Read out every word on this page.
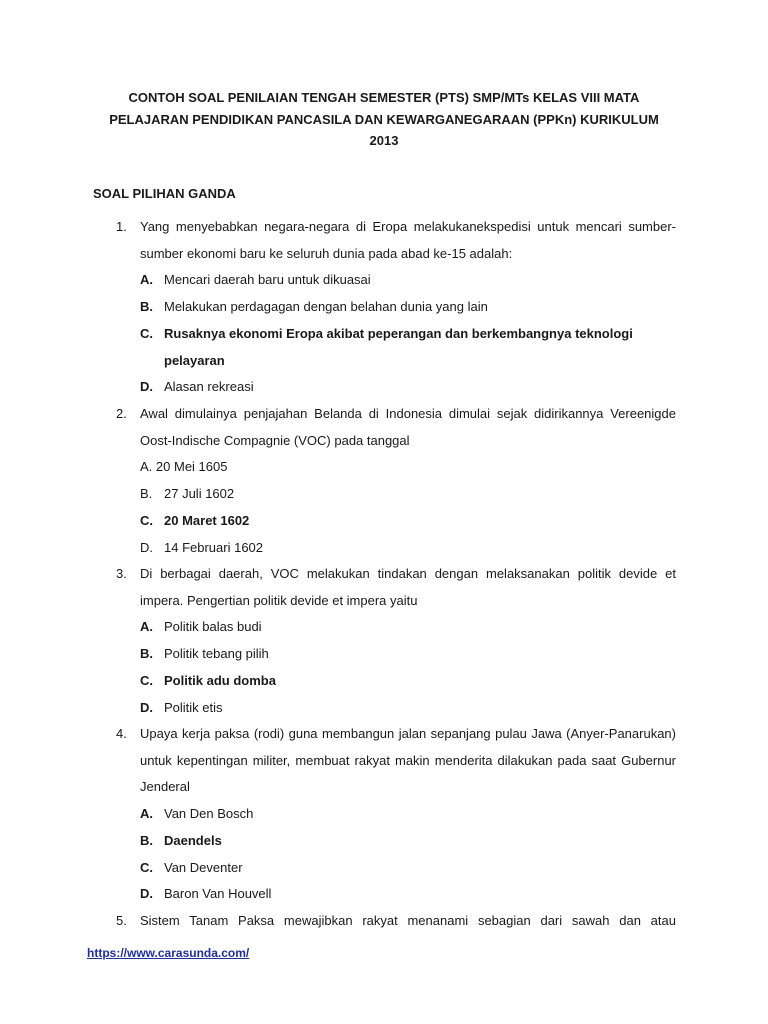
CONTOH SOAL PENILAIAN TENGAH SEMESTER (PTS) SMP/MTs KELAS VIII MATA
PELAJARAN PENDIDIKAN PANCASILA DAN KEWARGANEGARAAN (PPKn) KURIKULUM
2013
SOAL PILIHAN GANDA
1.	Yang menyebabkan negara-negara di Eropa melakukanekspedisi untuk mencari sumber-sumber ekonomi baru ke seluruh dunia pada abad ke-15 adalah:
A. Mencari daerah baru untuk dikuasai
B. Melakukan perdagagan dengan belahan dunia yang lain
C. Rusaknya ekonomi Eropa akibat peperangan dan berkembangnya teknologi pelayaran
D. Alasan rekreasi
2.	Awal dimulainya penjajahan Belanda di Indonesia dimulai sejak didirikannya Vereenigde Oost-Indische Compagnie (VOC) pada tanggal
A. 20 Mei 1605
B. 27 Juli 1602
C. 20 Maret 1602
D. 14 Februari 1602
3.	Di berbagai daerah, VOC melakukan tindakan dengan melaksanakan politik devide et impera. Pengertian politik devide et impera yaitu
A. Politik balas budi
B. Politik tebang pilih
C. Politik adu domba
D. Politik etis
4.	Upaya kerja paksa (rodi) guna membangun jalan sepanjang pulau Jawa (Anyer-Panarukan) untuk kepentingan militer, membuat rakyat makin menderita dilakukan pada saat Gubernur Jenderal
A. Van Den Bosch
B. Daendels
C. Van Deventer
D. Baron Van Houvell
5.	Sistem Tanam Paksa mewajibkan rakyat menanami sebagian dari sawah dan atau
https://www.carasunda.com/
